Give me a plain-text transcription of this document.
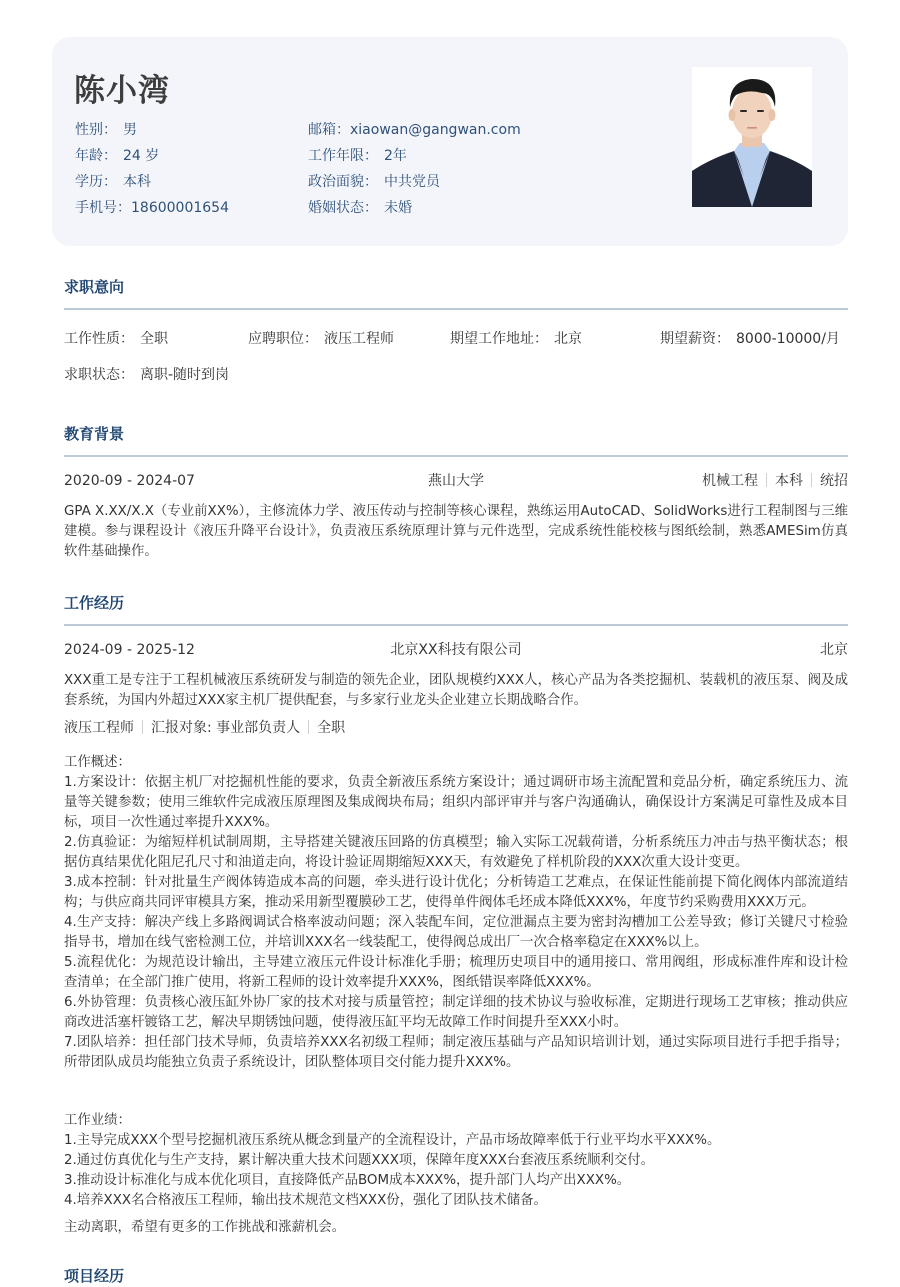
陈小湾
性别： 男
年龄： 24 岁
学历： 本科
手机号：18600001654
邮箱：xiaowan@gangwan.com
工作年限： 2年
政治面貌： 中共党员
婚姻状态： 未婚
求职意向
工作性质： 全职	应聘职位： 液压工程师	期望工作地址： 北京	期望薪资： 8000-10000/月
求职状态： 离职-随时到岗
教育背景
2020-09 - 2024-07	燕山大学	机械工程 本科 统招
GPA X.XX/X.X（专业前XX%），主修流体力学、液压传动与控制等核心课程，熟练运用AutoCAD、SolidWorks进行工程制图与三维建模。参与课程设计《液压升降平台设计》，负责液压系统原理计算与元件选型，完成系统性能校核与图纸绘制，熟悉AMESim仿真软件基础操作。
工作经历
2024-09 - 2025-12	北京XX科技有限公司	北京
XXX重工是专注于工程机械液压系统研发与制造的领先企业，团队规模约XXX人，核心产品为各类挖掘机、装载机的液压泵、阀及成套系统，为国内外超过XXX家主机厂提供配套，与多家行业龙头企业建立长期战略合作。
液压工程师 汇报对象: 事业部负责人 全职
工作概述：
1.方案设计：依据主机厂对挖掘机性能的要求，负责全新液压系统方案设计；通过调研市场主流配置和竞品分析，确定系统压力、流量等关键参数；使用三维软件完成液压原理图及集成阀块布局；组织内部评审并与客户沟通确认，确保设计方案满足可靠性及成本目标，项目一次性通过率提升XXX%。
2.仿真验证：为缩短样机试制周期，主导搭建关键液压回路的仿真模型；输入实际工况载荷谱，分析系统压力冲击与热平衡状态；根据仿真结果优化阻尼孔尺寸和油道走向，将设计验证周期缩短XXX天，有效避免了样机阶段的XXX次重大设计变更。
3.成本控制：针对批量生产阀体铸造成本高的问题，牵头进行设计优化；分析铸造工艺难点，在保证性能前提下简化阀体内部流道结构；与供应商共同评审模具方案，推动采用新型覆膜砂工艺，使得单件阀体毛坯成本降低XXX%，年度节约采购费用XXX万元。
4.生产支持：解决产线上多路阀调试合格率波动问题；深入装配车间，定位泄漏点主要为密封沟槽加工公差导致；修订关键尺寸检验指导书，增加在线气密检测工位，并培训XXX名一线装配工，使得阀总成出厂一次合格率稳定在XXX%以上。
5.流程优化：为规范设计输出，主导建立液压元件设计标准化手册；梳理历史项目中的通用接口、常用阀组，形成标准件库和设计检查清单；在全部门推广使用，将新工程师的设计效率提升XXX%，图纸错误率降低XXX%。
6.外协管理：负责核心液压缸外协厂家的技术对接与质量管控；制定详细的技术协议与验收标准，定期进行现场工艺审核；推动供应商改进活塞杆镀铬工艺，解决早期锈蚀问题，使得液压缸平均无故障工作时间提升至XXX小时。
7.团队培养：担任部门技术导师，负责培养XXX名初级工程师；制定液压基础与产品知识培训计划，通过实际项目进行手把手指导；所带团队成员均能独立负责子系统设计，团队整体项目交付能力提升XXX%。
工作业绩：
1.主导完成XXX个型号挖掘机液压系统从概念到量产的全流程设计，产品市场故障率低于行业平均水平XXX%。
2.通过仿真优化与生产支持，累计解决重大技术问题XXX项，保障年度XXX台套液压系统顺利交付。
3.推动设计标准化与成本优化项目，直接降低产品BOM成本XXX%，提升部门人均产出XXX%。
4.培养XXX名合格液压工程师，输出技术规范文档XXX份，强化了团队技术储备。
主动离职，希望有更多的工作挑战和涨薪机会。
项目经历
